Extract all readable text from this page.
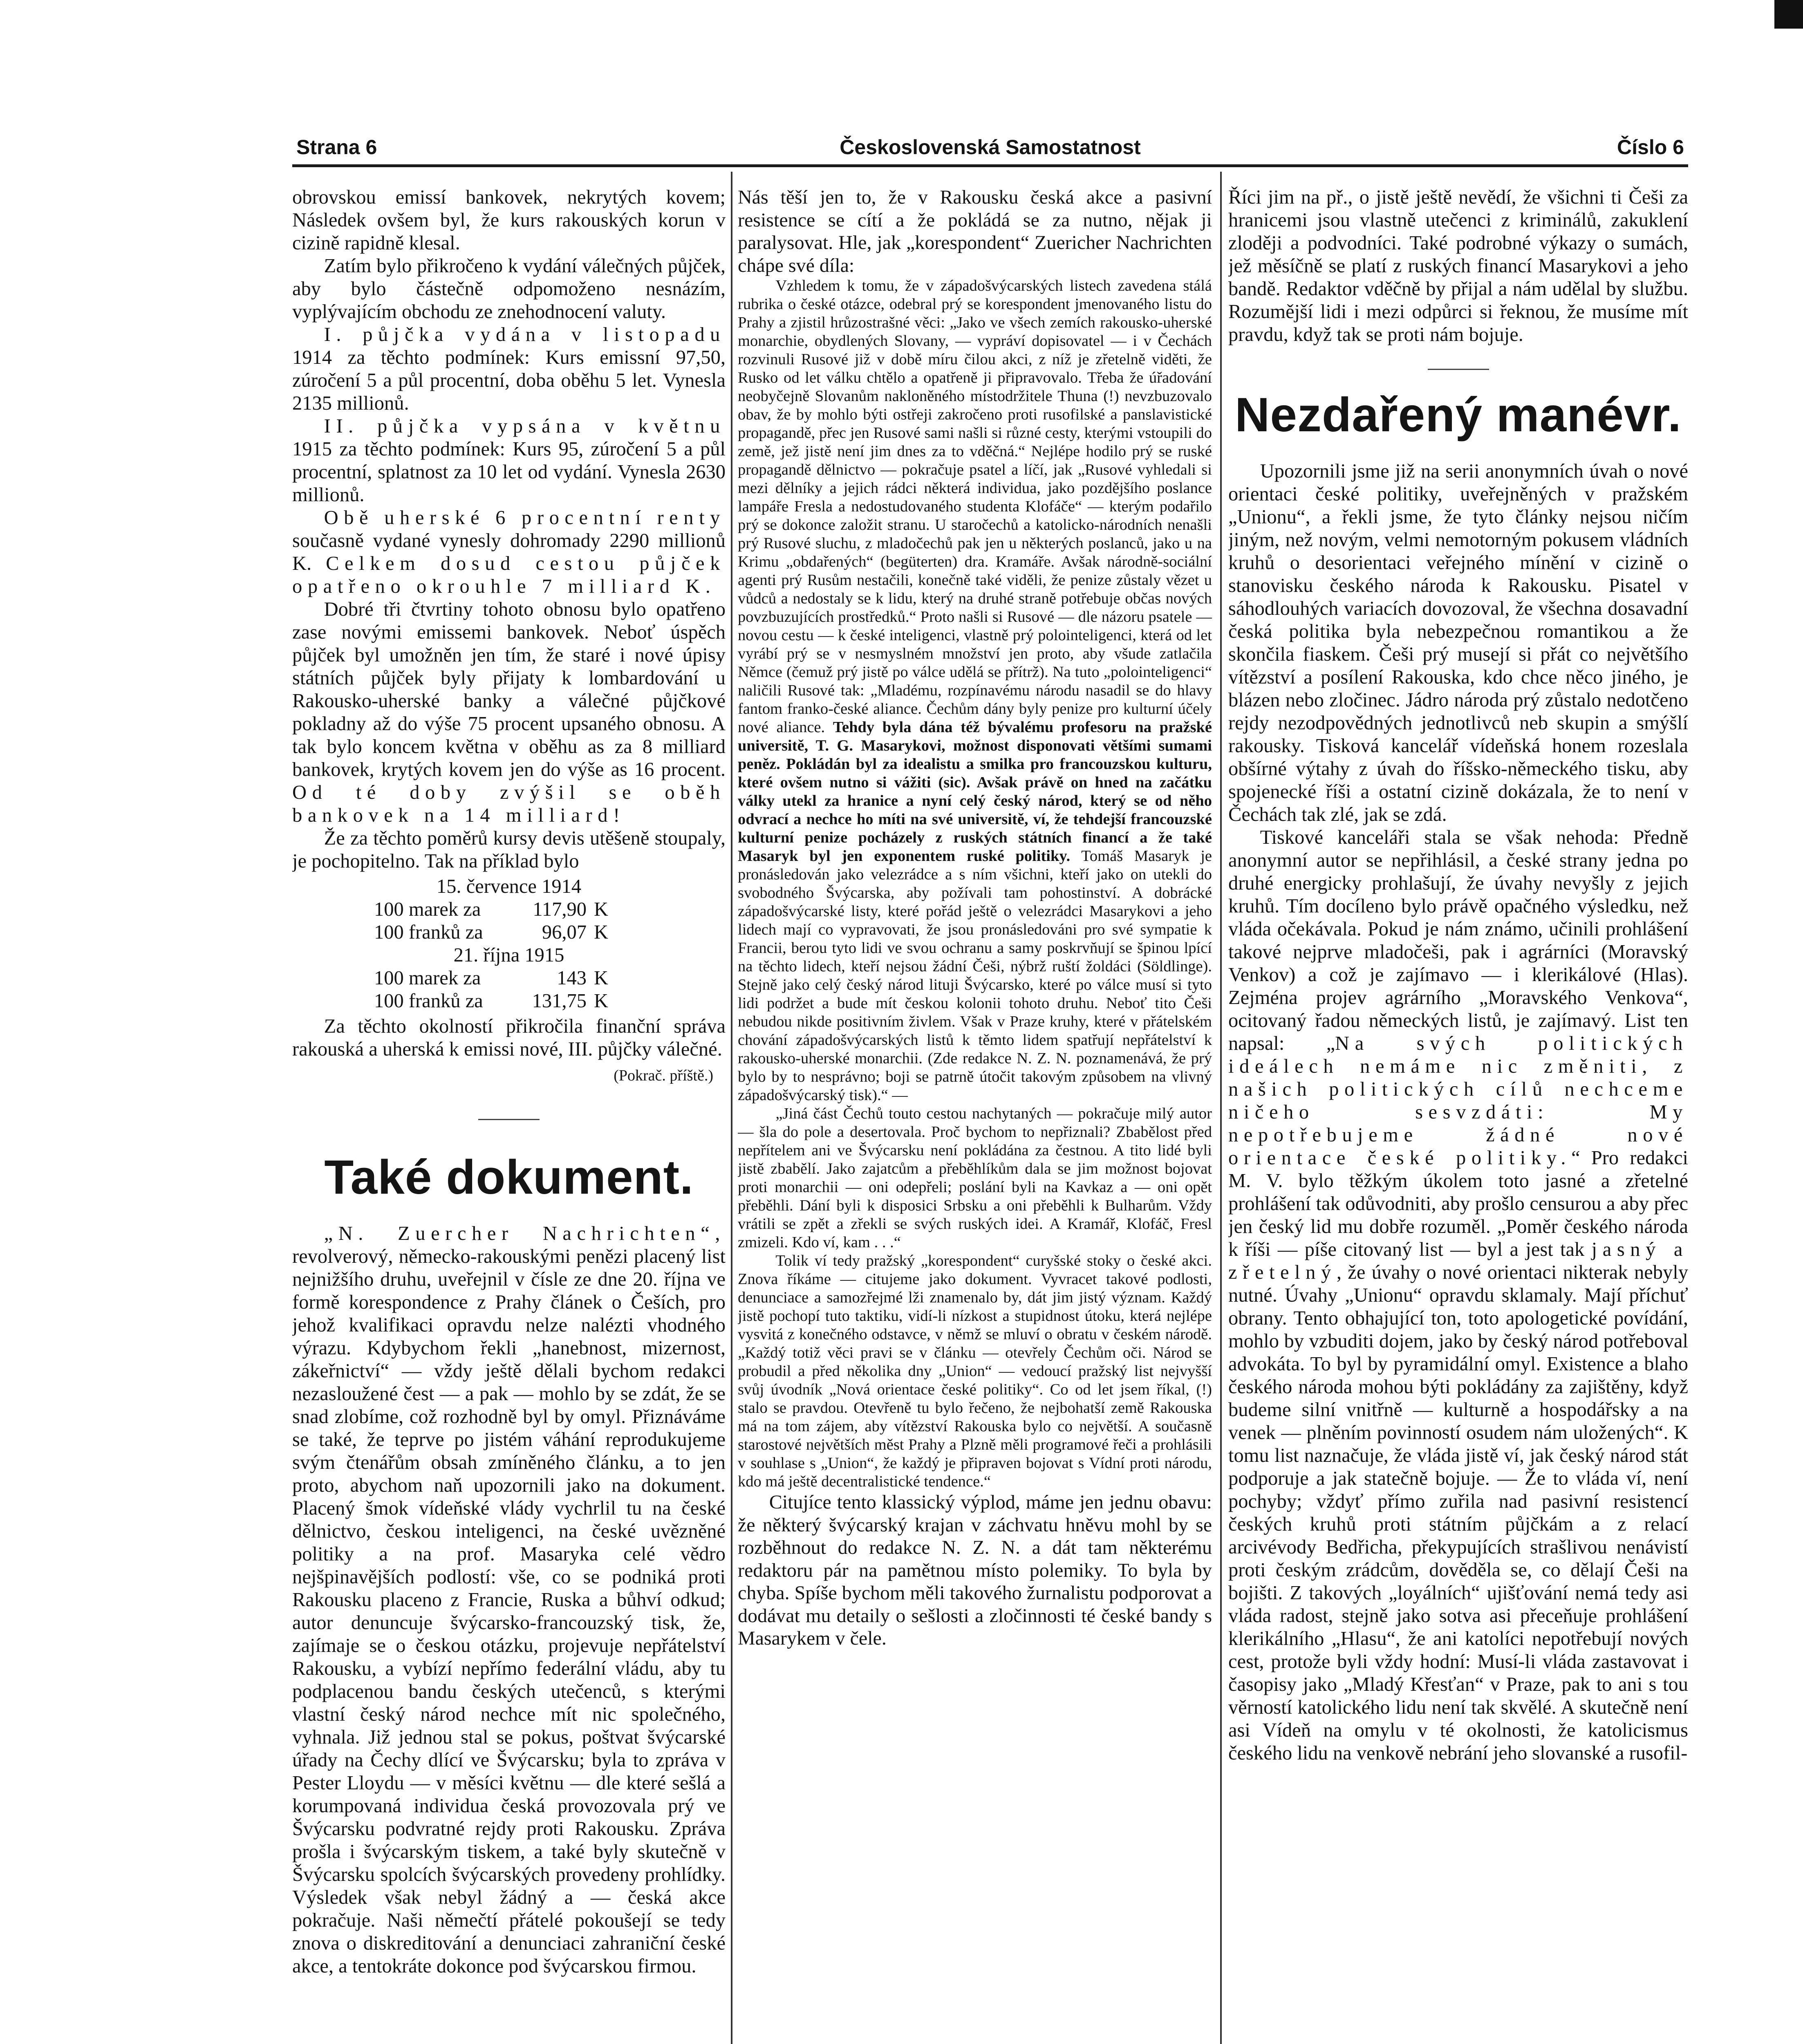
Strana 6	Československá Samostatnost	Číslo 6

obrovskou emissí bankovek, nekrytých kovem; Následek ovšem byl, že kurs rakouských korun v cizině rapidně klesal.

Zatím bylo přikročeno k vydání válečných půjček, aby bylo částečně odpomoženo nesnázím, vyplývajícím obchodu ze znehodnocení valuty.

I. půjčka vydána v listopadu 1914 za těchto podmínek: Kurs emissní 97,50, zúročení 5 a půl procentní, doba oběhu 5 let. Vynesla 2135 millionů.

II. půjčka vypsána v květnu 1915 za těchto podmínek: Kurs 95, zúročení 5 a půl procentní, splatnost za 10 let od vydání. Vynesla 2630 millionů.

Obě uherské 6 procentní renty současně vydané vynesly dohromady 2290 millionů K. Celkem dosud cestou půjček opatřeno okrouhle 7 milliard K.

Dobré tři čtvrtiny tohoto obnosu bylo opatřeno zase novými emissemi bankovek. Neboť úspěch půjček byl umožněn jen tím, že staré i nové úpisy státních půjček byly přijaty k lombardování u Rakousko-uherské banky a válečné půjčkové pokladny až do výše 75 procent upsaného obnosu. A tak bylo koncem května v oběhu as za 8 milliard bankovek, krytých kovem jen do výše as 16 procent. Od té doby zvýšil se oběh bankovek na 14 milliard!

Že za těchto poměrů kursy devis utěšeně stoupaly, je pochopitelno. Tak na příklad bylo

15. července 1914
100 marek za	117,90 K
100 franků za	96,07 K
21. října 1915
100 marek za	143 K
100 franků za	131,75 K

Za těchto okolností přikročila finanční správa rakouská a uherská k emissi nové, III. půjčky válečné.

(Pokrač. příště.)
Také dokument.

„N. Zuercher Nachrichten“, revolverový, německo-rakouskými penězi placený list nejnižšího druhu, uveřejnil v čísle ze dne 20. října ve formě korespondence z Prahy článek o Češích, pro jehož kvalifikaci opravdu nelze nalézti vhodného výrazu. Kdybychom řekli „hanebnost, mizernost, zákeřnictví“ — vždy ještě dělali bychom redakci nezasloužené čest — a pak — mohlo by se zdát, že se snad zlobíme, což rozhodně byl by omyl. Přiznáváme se také, že teprve po jistém váhání reprodukujeme svým čtenářům obsah zmíněného článku, a to jen proto, abychom naň upozornili jako na dokument. Placený šmok vídeňské vlády vychrlil tu na české dělnictvo, českou inteligenci, na české uvězněné politiky a na prof. Masaryka celé vědro nejšpinavějších podlostí: vše, co se podniká proti Rakousku placeno z Francie, Ruska a bůhví odkud; autor denuncuje švýcarsko-francouzský tisk, že, zajímaje se o českou otázku, projevuje nepřátelství Rakousku, a vybízí nepřímo federální vládu, aby tu podplacenou bandu českých utečenců, s kterými vlastní český národ nechce mít nic společného, vyhnala. Již jednou stal se pokus, poštvat švýcarské úřady na Čechy dlící ve Švýcarsku; byla to zpráva v Pester Lloydu — v měsíci květnu — dle které sešlá a korumpovaná individua česká provozovala prý ve Švýcarsku podvratné rejdy proti Rakousku. Zpráva prošla i švýcarským tiskem, a také byly skutečně v Švýcarsku spolcích švýcarských provedeny prohlídky. Výsledek však nebyl žádný a — česká akce pokračuje. Naši němečtí přátelé pokoušejí se tedy znova o diskreditování a denunciaci zahraniční české akce, a tentokráte dokonce pod švýcarskou firmou.

Nás těší jen to, že v Rakousku česká akce a pasivní resistence se cítí a že pokládá se za nutno, nějak ji paralysovat. Hle, jak „korespondent“ Zuericher Nachrichten chápe své díla:

Vzhledem k tomu, že v západošvýcarských listech zavedena stálá rubrika o české otázce, odebral prý se korespondent jmenovaného listu do Prahy a zjistil hrůzostrašné věci: „Jako ve všech zemích rakousko-uherské monarchie, obydlených Slovany, — vypráví dopisovatel — i v Čechách rozvinuli Rusové již v době míru čilou akci, z níž je zřetelně viděti, že Rusko od let válku chtělo a opatřeně ji připravovalo. Třeba že úřadování neobyčejně Slovanům nakloněného místodržitele Thuna (!) nevzbuzovalo obav, že by mohlo býti ostřeji zakročeno proti rusofilské a panslavistické propagandě, přec jen Rusové sami našli si různé cesty, kterými vstoupili do země, jež jistě není jim dnes za to vděčná.“ Nejlépe hodilo prý se ruské propagandě dělnictvo — pokračuje psatel a líčí, jak „Rusové vyhledali si mezi dělníky a jejich rádci některá individua, jako pozdějšího poslance lampáře Fresla a nedostudovaného studenta Klofáče“ — kterým podařilo prý se dokonce založit stranu. U staročechů a katolicko-národních nenašli prý Rusové sluchu, z mladočechů pak jen u některých poslanců, jako u na Krimu „obdařených“ (begüterten) dra. Kramáře. Avšak národně-sociální agenti prý Rusům nestačili, konečně také viděli, že penize zůstaly vězet u vůdců a nedostaly se k lidu, který na druhé straně potřebuje občas nových povzbuzujících prostředků.“ Proto našli si Rusové — dle názoru psatele — novou cestu — k české inteligenci, vlastně prý polointeligenci, která od let vyrábí prý se v nesmyslném množství jen proto, aby všude zatlačila Němce (čemuž prý jistě po válce udělá se přítrž). Na tuto „polointeligenci“ naličili Rusové tak: „Mladému, rozpínavému národu nasadil se do hlavy fantom franko-české aliance. Čechům dány byly penize pro kulturní účely nové aliance. Tehdy byla dána též bývalému profesoru na pražské universitě, T. G. Masarykovi, možnost disponovati většími sumami peněz. Pokládán byl za idealistu a smilka pro francouzskou kulturu, které ovšem nutno si vážiti (sic). Avšak právě on hned na začátku války utekl za hranice a nyní celý český národ, který se od něho odvrací a nechce ho míti na své universitě, ví, že tehdejší francouzské kulturní penize pocházely z ruských státních financí a že také Masaryk byl jen exponentem ruské politiky. Tomáš Masaryk je pronásledován jako velezrádce a s ním všichni, kteří jako on utekli do svobodného Švýcarska, aby požívali tam pohostinství. A dobrácké západošvýcarské listy, které pořád ještě o velezrádci Masarykovi a jeho lidech mají co vypravovati, že jsou pronásledováni pro své sympatie k Francii, berou tyto lidi ve svou ochranu a samy poskrvňují se špinou lpící na těchto lidech, kteří nejsou žádní Češi, nýbrž ruští žoldáci (Söldlinge). Stejně jako celý český národ lituji Švýcarsko, které po válce musí si tyto lidi podržet a bude mít českou kolonii tohoto druhu. Neboť tito Češi nebudou nikde positivním živlem. Však v Praze kruhy, které v přátelském chování západošvýcarských listů k těmto lidem spatřují nepřátelství k rakousko-uherské monarchii. (Zde redakce N. Z. N. poznamenává, že prý bylo by to nesprávno; boji se patrně útočit takovým způsobem na vlivný západošvýcarský tisk).“ —

„Jiná část Čechů touto cestou nachytaných — pokračuje milý autor — šla do pole a desertovala. Proč bychom to nepřiznali? Zbabělost před nepřítelem ani ve Švýcarsku není pokládána za čestnou. A tito lidé byli jistě zbabělí. Jako zajatcům a přeběhlíkům dala se jim možnost bojovat proti monarchii — oni odepřeli; poslání byli na Kavkaz a — oni opět přeběhli. Dání byli k disposici Srbsku a oni přeběhli k Bulharům. Vždy vrátili se zpět a zřekli se svých ruských idei. A Kramář, Klofáč, Fresl zmizeli. Kdo ví, kam . . .“

Tolik ví tedy pražský „korespondent“ curyšské stoky o české akci. Znova říkáme — citujeme jako dokument. Vyvracet takové podlosti, denunciace a samozřejmé lži znamenalo by, dát jim jistý význam. Každý jistě pochopí tuto taktiku, vidí-li nízkost a stupidnost útoku, která nejlépe vysvitá z konečného odstavce, v němž se mluví o obratu v českém národě. „Každý totiž věci pravi se v článku — otevřely Čechům oči. Národ se probudil a před několika dny „Union“ — vedoucí pražský list nejvyšší svůj úvodník „Nová orientace české politiky“. Co od let jsem říkal, (!) stalo se pravdou. Otevřeně tu bylo řečeno, že nejbohatší země Rakouska má na tom zájem, aby vítězství Rakouska bylo co největší. A současně starostové největších měst Prahy a Plzně měli programové řeči a prohlásili v souhlase s „Union“, že každý je připraven bojovat s Vídní proti národu, kdo má ještě decentralistické tendence.“

Citujíce tento klassický výplod, máme jen jednu obavu: že některý švýcarský krajan v záchvatu hněvu mohl by se rozběhnout do redakce N. Z. N. a dát tam některému redaktoru pár na pamětnou místo polemiky. To byla by chyba. Spíše bychom měli takového žurnalistu podporovat a dodávat mu detaily o sešlosti a zločinnosti té české bandy s Masarykem v čele.

Říci jim na př., o jistě ještě nevědí, že všichni ti Češi za hranicemi jsou vlastně utečenci z kriminálů, zakuklení zloději a podvodníci. Také podrobné výkazy o sumách, jež měsíčně se platí z ruských financí Masarykovi a jeho bandě. Redaktor vděčně by přijal a nám udělal by službu. Rozumější lidi i mezi odpůrci si řeknou, že musíme mít pravdu, když tak se proti nám bojuje.

Nezdařený manévr.

Upozornili jsme již na serii anonymních úvah o nové orientaci české politiky, uveřejněných v pražském „Unionu“, a řekli jsme, že tyto články nejsou ničím jiným, než novým, velmi nemotorným pokusem vládních kruhů o desorientaci veřejného mínění v cizině o stanovisku českého národa k Rakousku. Pisatel v sáhodlouhých variacích dovozoval, že všechna dosavadní česká politika byla nebezpečnou romantikou a že skončila fiaskem. Češi prý musejí si přát co největšího vítězství a posílení Rakouska, kdo chce něco jiného, je blázen nebo zločinec. Jádro národa prý zůstalo nedotčeno rejdy nezodpovědných jednotlivců neb skupin a smýšlí rakousky. Tisková kancelář vídeňská honem rozeslala obšírné výtahy z úvah do říšsko-německého tisku, aby spojenecké říši a ostatní cizině dokázala, že to není v Čechách tak zlé, jak se zdá.

Tiskové kanceláři stala se však nehoda: Předně anonymní autor se nepřihlásil, a české strany jedna po druhé energicky prohlašují, že úvahy nevyšly z jejich kruhů. Tím docíleno bylo právě opačného výsledku, než vláda očekávala. Pokud je nám známo, učinili prohlášení takové nejprve mladočeši, pak i agrárníci (Moravský Venkov) a což je zajímavo — i klerikálové (Hlas). Zejména projev agrárního „Moravského Venkova“, ocitovaný řadou německých listů, je zajímavý. List ten napsal: „Na svých politických ideálech nemáme nic změniti, z našich politických cílů nechceme ničeho sesvzdáti: My nepotřebujeme žádné nové orientace české politiky.“ Pro redakci M. V. bylo těžkým úkolem toto jasné a zřetelné prohlášení tak odůvodniti, aby prošlo censurou a aby přec jen český lid mu dobře rozuměl. „Poměr českého národa k říši — píše citovaný list — byl a jest tak jasný a zřetelný, že úvahy o nové orientaci nikterak nebyly nutné. Úvahy „Unionu“ opravdu sklamaly. Mají příchuť obrany. Tento obhajující ton, toto apologetické povídání, mohlo by vzbuditi dojem, jako by český národ potřeboval advokáta. To byl by pyramidální omyl. Existence a blaho českého národa mohou býti pokládány za zajištěny, když budeme silní vnitřně — kulturně a hospodářsky a na venek — plněním povinností osudem nám uložených“. K tomu list naznačuje, že vláda jistě ví, jak český národ stát podporuje a jak statečně bojuje. — Že to vláda ví, není pochyby; vždyť přímo zuřila nad pasivní resistencí českých kruhů proti státním půjčkám a z relací arcivévody Bedřicha, překypujících strašlivou nenávistí proti českým zrádcům, dověděla se, co dělají Češi na bojišti. Z takových „loyálních“ ujišťování nemá tedy asi vláda radost, stejně jako sotva asi přeceňuje prohlášení klerikálního „Hlasu“, že ani katolíci nepotřebují nových cest, protože byli vždy hodní: Musí-li vláda zastavovat i časopisy jako „Mladý Křesťan“ v Praze, pak to ani s tou věrností katolického lidu není tak skvělé. A skutečně není asi Vídeň na omylu v té okolnosti, že katolicismus českého lidu na venkově nebrání jeho slovanské a rusofil-
